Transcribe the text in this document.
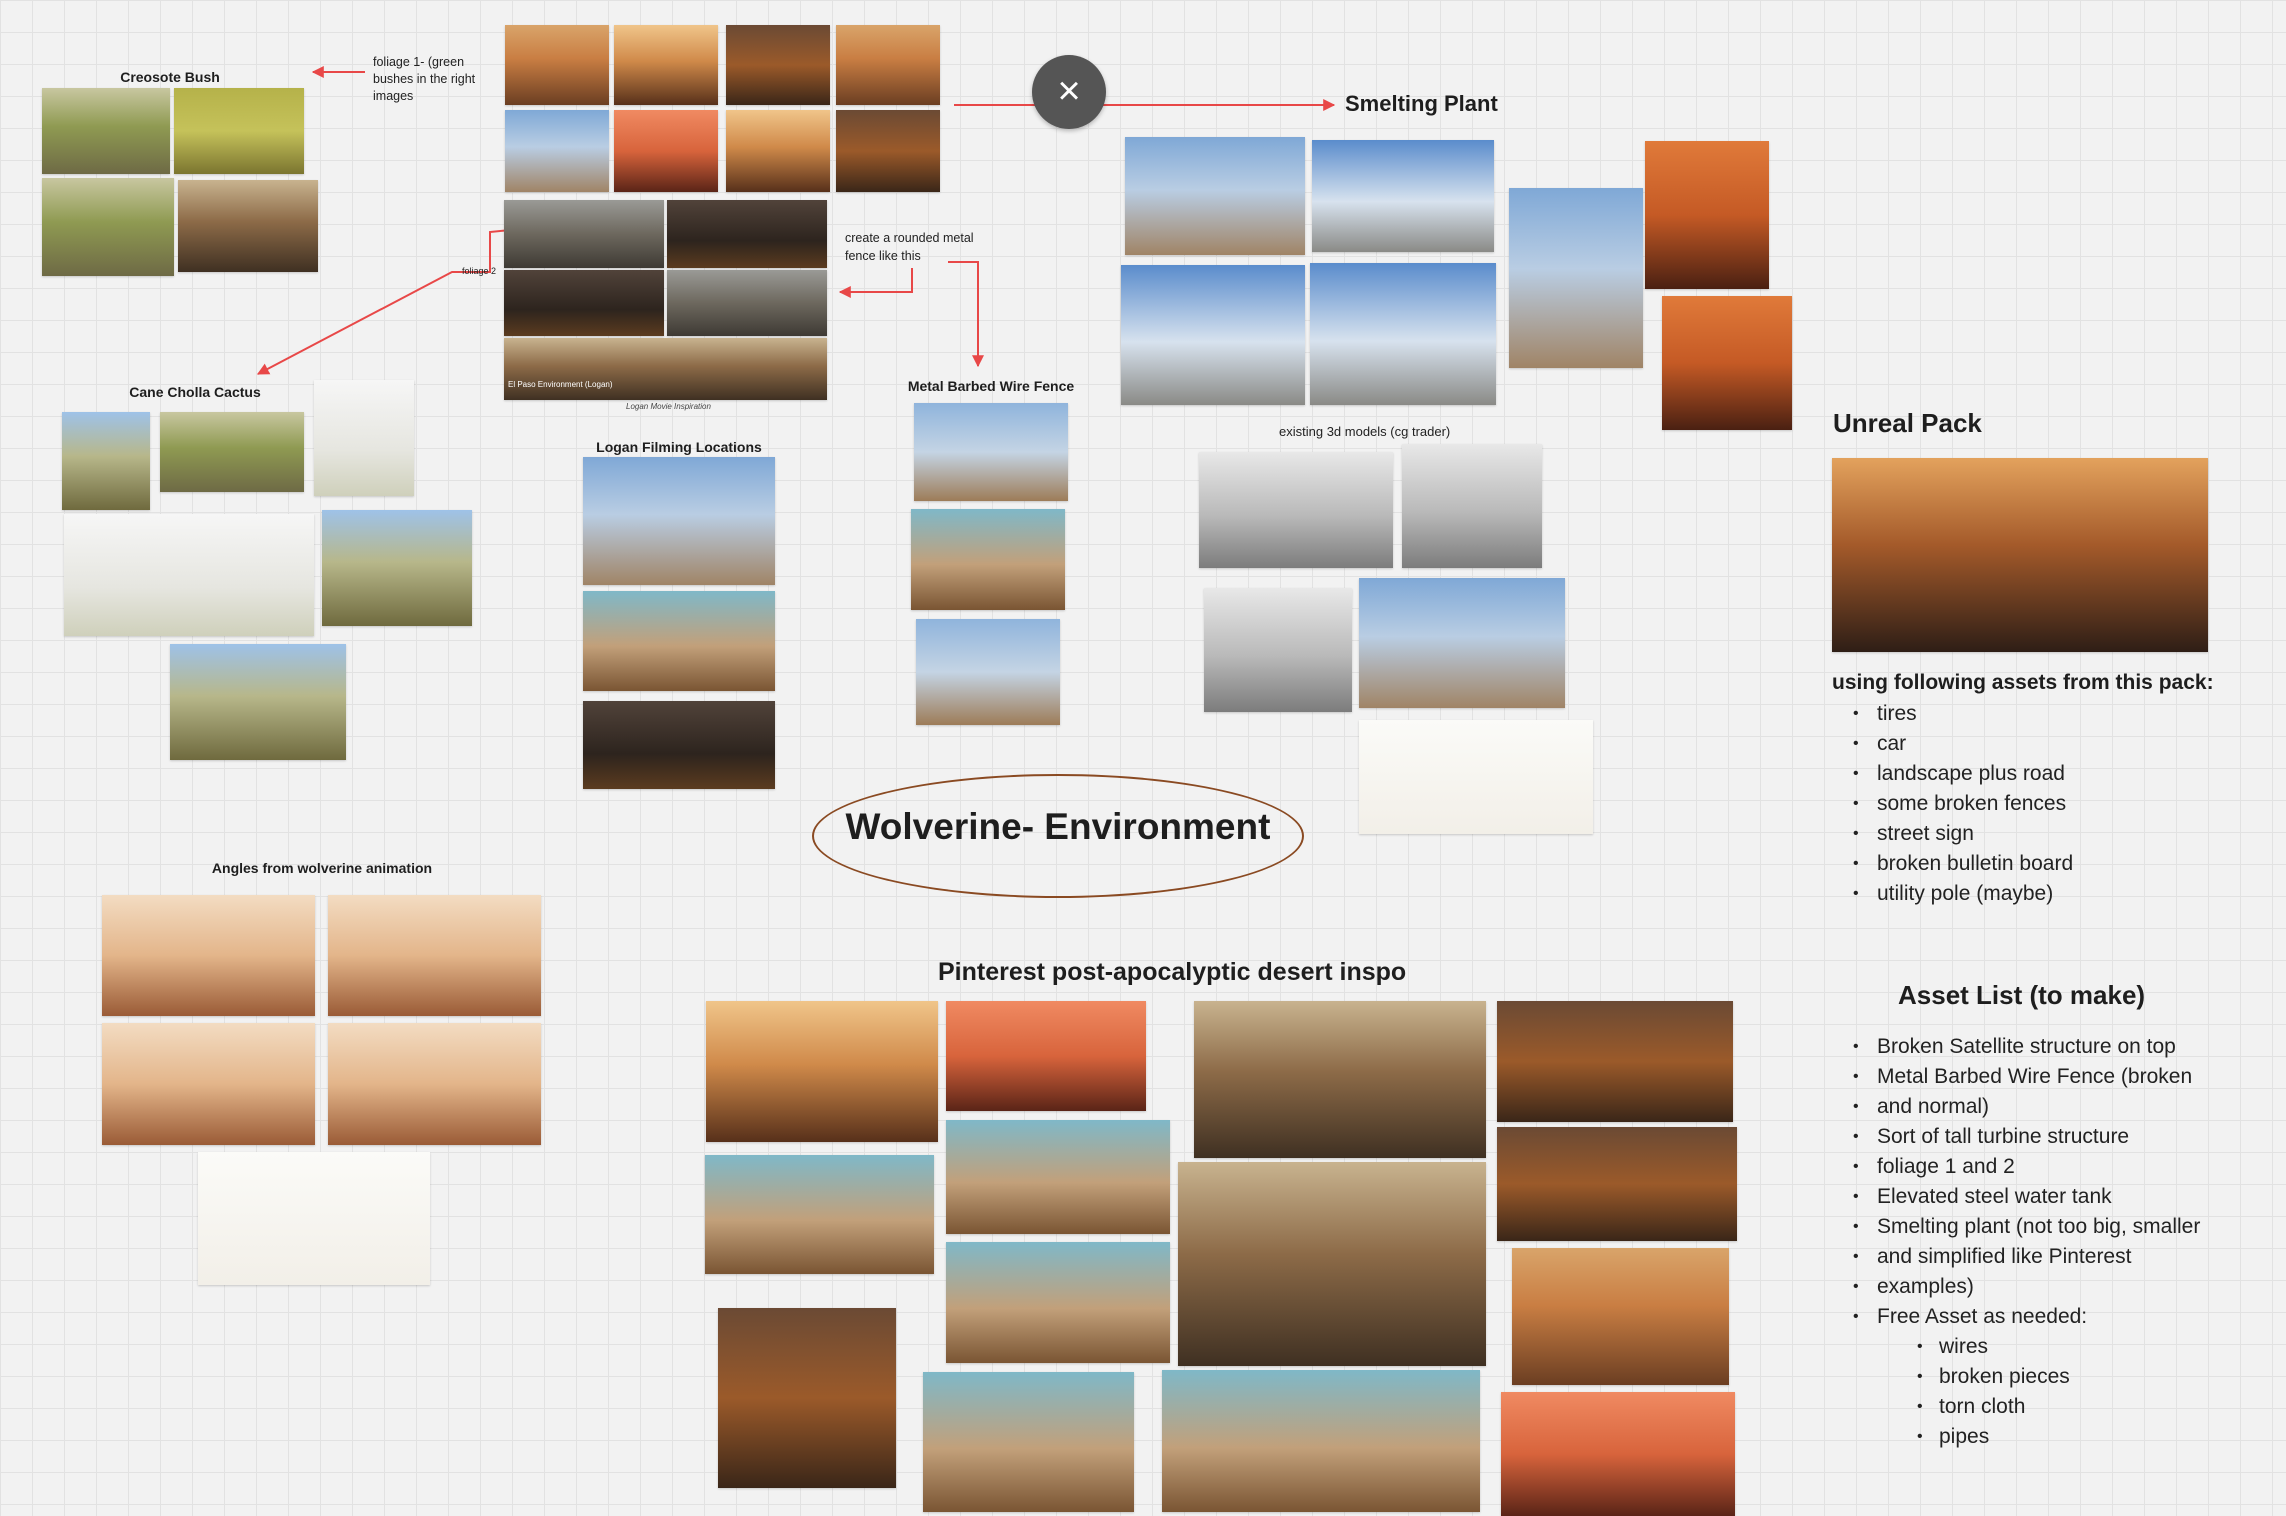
El Paso Environment (Logan)
Logan Movie Inspiration
×
foliage 1- (green bushes in the right images
foliage 2
create a rounded metal fence like this
Creosote Bush
Cane Cholla Cactus
Logan Filming Locations
Metal Barbed Wire Fence
Smelting Plant
existing 3d models (cg trader)	Unreal Pack
using following assets from this pack:
• tires
• car
• landscape plus road
• some broken fences
• street sign
• broken bulletin board
• utility pole (maybe)
Asset List (to make)
• Broken Satellite structure on top
• Metal Barbed Wire Fence (broken
• and normal)
• Sort of tall turbine structure
• foliage 1 and 2
• Elevated steel water tank
• Smelting plant (not too big, smaller
• and simplified like Pinterest
• examples)
• Free Asset as needed:
• wires
• broken pieces
• torn cloth
• pipes
Wolverine- Environment
Angles from wolverine animation
Pinterest post-apocalyptic desert inspo
